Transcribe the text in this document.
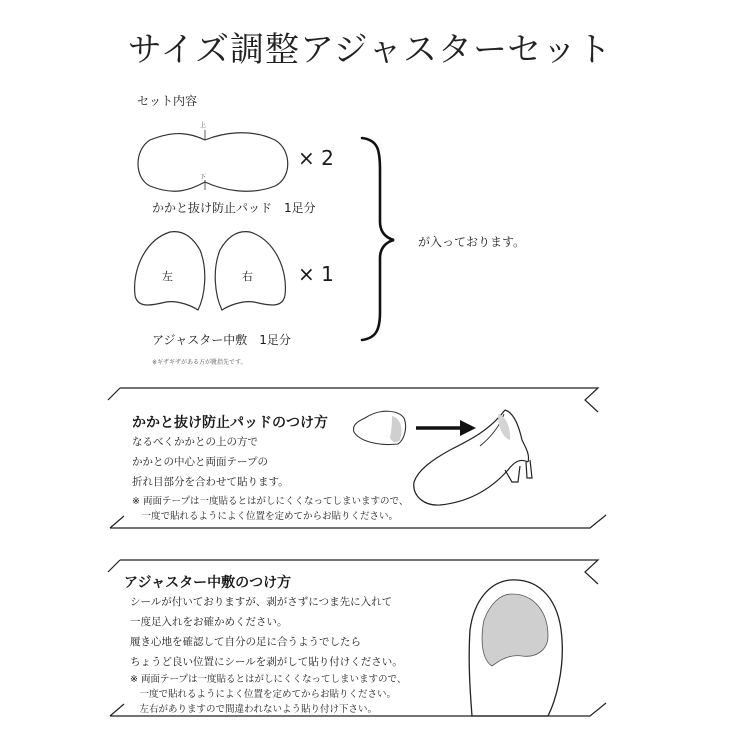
サイズ調整アジャスターセット
セット内容
上
下
× 2
かかと抜け防止パッド　1足分
左	右 × 1
アジャスター中敷　1足分
※ギザギザがある方が靴指先です。
が入っております。
かかと抜け防止パッドのつけ方
なるべくかかとの上の方で
かかとの中心と両面テープの
折れ目部分を合わせて貼ります。
※ 両面テープは一度貼るとはがしにくくなってしまいますので、
　一度で貼れるようによく位置を定めてからお貼りください。
アジャスター中敷のつけ方
シールが付いておりますが、剥がさずにつま先に入れて
一度足入れをお確かめください。
履き心地を確認して自分の足に合うようでしたら
ちょうど良い位置にシールを剥がして貼り付けください。
※ 両面テープは一度貼るとはがしにくくなってしまいますので、
　一度で貼れるようによく位置を定めてからお貼りください。
　左右がありますので間違われないよう貼り付け下さい。
